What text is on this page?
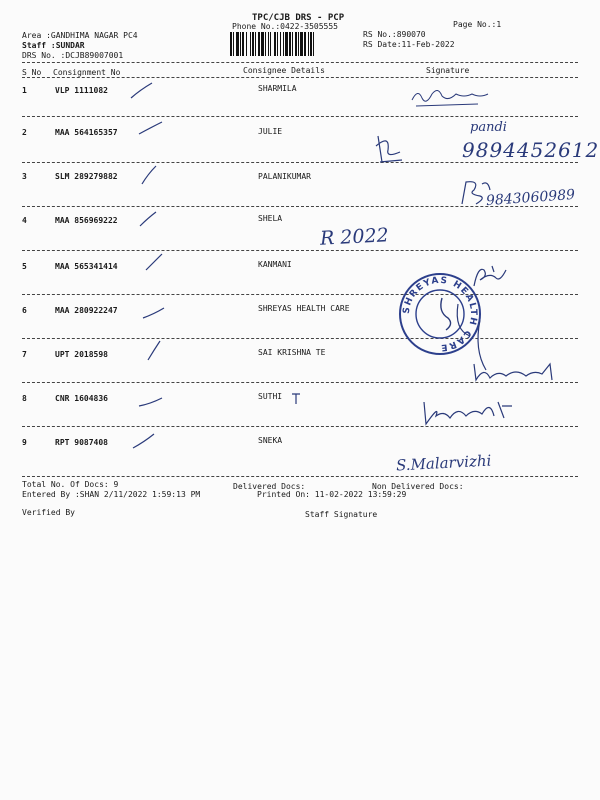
TPC/CJB DRS - PCP
Phone No.:0422-3505555	Page No.:1
Area :GANDHIMA NAGAR PC4
Staff :SUNDAR
DRS No. :DCJB89007001
RS No.:890070
RS Date:11-Feb-2022
S No Consignment No	Consignee Details	Signature
1	VLP 1111082	SHARMILA
2	MAA 564165357	JULIE
3	SLM 289279882	PALANIKUMAR
4	MAA 856969222	SHELA
5	MAA 565341414	KANMANI
6	MAA 280922247	SHREYAS HEALTH CARE
7	UPT 2018598	SAI KRISHNA TE
8	CNR 1604836	SUTHI
9	RPT 9087408	SNEKA
pandi
9894452612
9843060989
R 2022
SHREYAS HEALTH CARE
S.Malarvizhi
Total No. Of Docs: 9	Delivered Docs:	Non Delivered Docs:
Entered By :SHAN 2/11/2022 1:59:13 PM	Printed On: 11-02-2022 13:59:29
Verified By	Staff Signature
